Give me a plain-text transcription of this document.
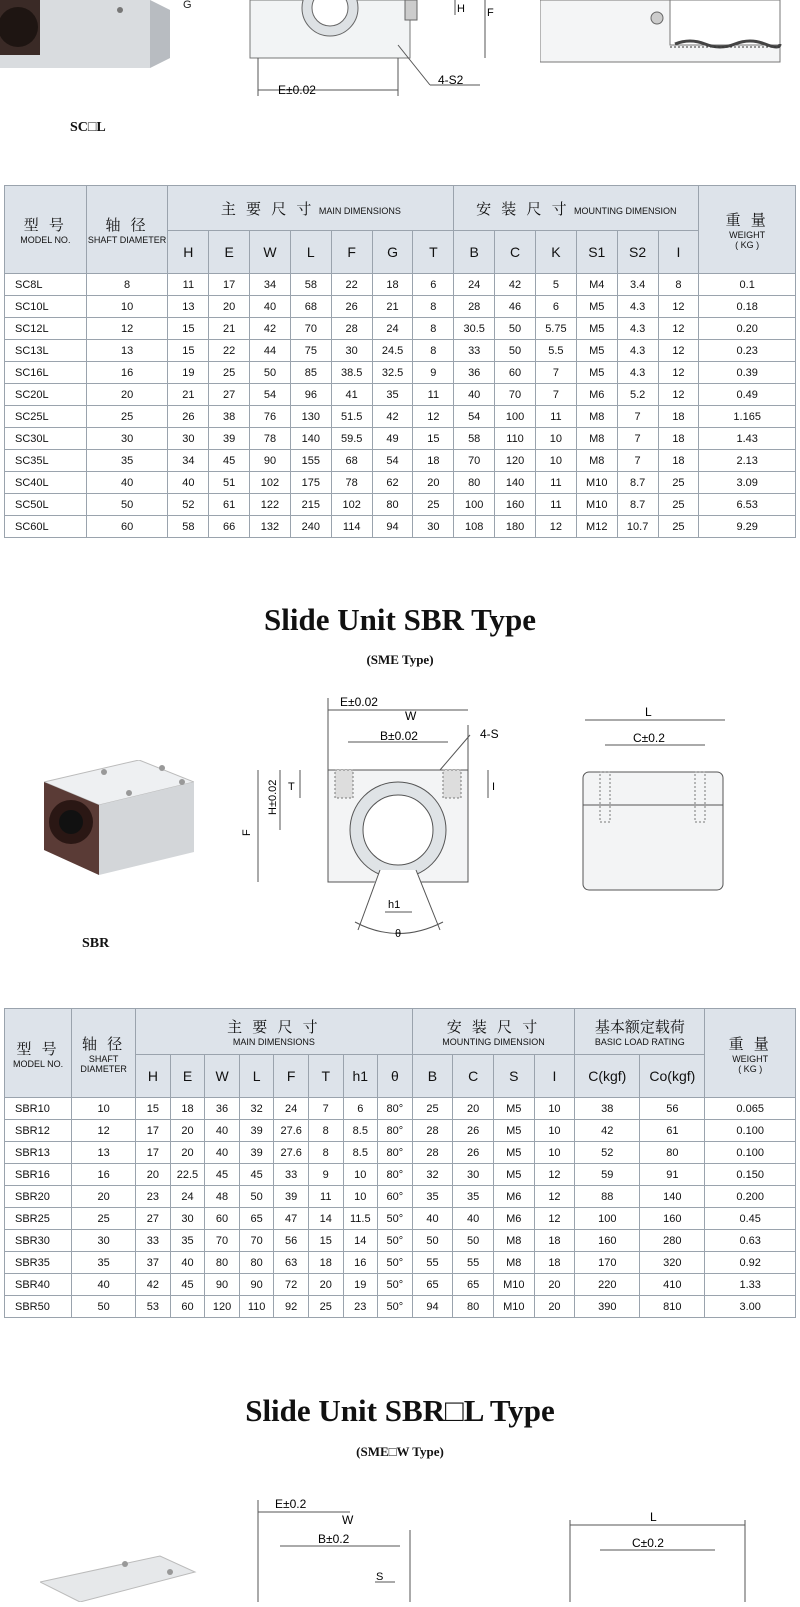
G	H F
E±0.02
4-S2
SC□L
型 号
MODEL NO.	轴 径
SHAFT DIAMETER	主 要 尺 寸 MAIN DIMENSIONS							安 装 尺 寸 MOUNTING DIMENSION						重 量
WEIGHT
( KG )

		H	E	W	L	F	G	T	B	C	K	S1	S2	I	
SC8L	8	11	17	34	58	22	18	6	24	42	5	M4	3.4	8	0.1
SC10L	10	13	20	40	68	26	21	8	28	46	6	M5	4.3	12	0.18
SC12L	12	15	21	42	70	28	24	8	30.5	50	5.75	M5	4.3	12	0.20
SC13L	13	15	22	44	75	30	24.5	8	33	50	5.5	M5	4.3	12	0.23
SC16L	16	19	25	50	85	38.5	32.5	9	36	60	7	M5	4.3	12	0.39
SC20L	20	21	27	54	96	41	35	11	40	70	7	M6	5.2	12	0.49
SC25L	25	26	38	76	130	51.5	42	12	54	100	11	M8	7	18	1.165
SC30L	30	30	39	78	140	59.5	49	15	58	110	10	M8	7	18	1.43
SC35L	35	34	45	90	155	68	54	18	70	120	10	M8	7	18	2.13
SC40L	40	40	51	102	175	78	62	20	80	140	11	M10	8.7	25	3.09
SC50L	50	52	61	122	215	102	80	25	100	160	11	M10	8.7	25	6.53
SC60L	60	58	66	132	240	114	94	30	108	180	12	M12	10.7	25	9.29
Slide Unit SBR Type
(SME Type)
SBR
E±0.02
W
B±0.02	4-S
θ
h1
F
H±0.02 T	I
L
C±0.2
型 号
MODEL NO.	轴 径
SHAFT DIAMETER	主 要 尺 寸
MAIN DIMENSIONS								安 装 尺 寸
MOUNTING DIMENSION				基本额定载荷
BASIC LOAD RATING		重 量
WEIGHT
( KG )

		H	E	W	L	F	T	h1	θ	B	C	S	I	C(kgf)	Co(kgf)	
SBR10	10	15	18	36	32	24	7	6	80°	25	20	M5	10	38	56	0.065
SBR12	12	17	20	40	39	27.6	8	8.5	80°	28	26	M5	10	42	61	0.100
SBR13	13	17	20	40	39	27.6	8	8.5	80°	28	26	M5	10	52	80	0.100
SBR16	16	20	22.5	45	45	33	9	10	80°	32	30	M5	12	59	91	0.150
SBR20	20	23	24	48	50	39	11	10	60°	35	35	M6	12	88	140	0.200
SBR25	25	27	30	60	65	47	14	11.5	50°	40	40	M6	12	100	160	0.45
SBR30	30	33	35	70	70	56	15	14	50°	50	50	M8	18	160	280	0.63
SBR35	35	37	40	80	80	63	18	16	50°	55	55	M8	18	170	320	0.92
SBR40	40	42	45	90	90	72	20	19	50°	65	65	M10	20	220	410	1.33
SBR50	50	53	60	120	110	92	25	23	50°	94	80	M10	20	390	810	3.00
Slide Unit SBR□L Type
(SME□W Type)
E±0.2
W
B±0.2
S
L
C±0.2
